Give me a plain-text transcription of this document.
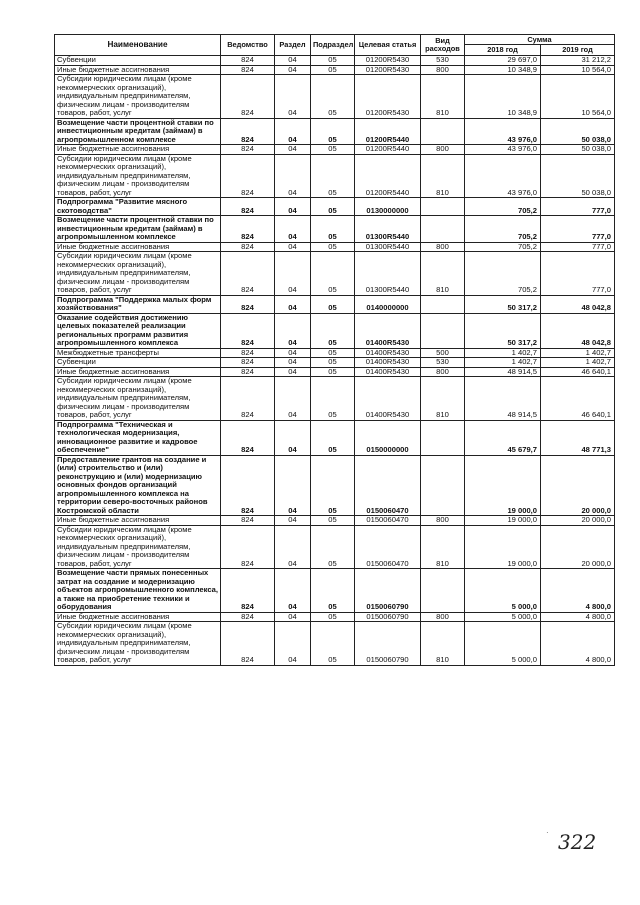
Наименование	Ведомство	Раздел	Подраздел	Целевая статья	Вид расходов	Сумма	
						2018 год	2019 год
Субвенции	824	04	05	01200R5430	530	29 697,0	31 212,2
Иные бюджетные ассигнования	824	04	05	01200R5430	800	10 348,9	10 564,0
Субсидии юридическим лицам (кроме некоммерческих организаций), индивидуальным предпринимателям, физическим лицам - производителям товаров, работ, услуг	824	04	05	01200R5430	810	10 348,9	10 564,0
Возмещение части процентной ставки по инвестиционным кредитам (займам) в агропромышленном комплексе	824	04	05	01200R5440		43 976,0	50 038,0
Иные бюджетные ассигнования	824	04	05	01200R5440	800	43 976,0	50 038,0
Субсидии юридическим лицам (кроме некоммерческих организаций), индивидуальным предпринимателям, физическим лицам - производителям товаров, работ, услуг	824	04	05	01200R5440	810	43 976,0	50 038,0
Подпрограмма "Развитие мясного скотоводства"	824	04	05	0130000000		705,2	777,0
Возмещение части процентной ставки по инвестиционным кредитам (займам) в агропромышленном комплексе	824	04	05	01300R5440		705,2	777,0
Иные бюджетные ассигнования	824	04	05	01300R5440	800	705,2	777,0
Субсидии юридическим лицам (кроме некоммерческих организаций), индивидуальным предпринимателям, физическим лицам - производителям товаров, работ, услуг	824	04	05	01300R5440	810	705,2	777,0
Подпрограмма "Поддержка малых форм хозяйствования"	824	04	05	0140000000		50 317,2	48 042,8
Оказание содействия достижению целевых показателей реализации региональных программ развития агропромышленного комплекса	824	04	05	01400R5430		50 317,2	48 042,8
Межбюджетные трансферты	824	04	05	01400R5430	500	1 402,7	1 402,7
Субвенции	824	04	05	01400R5430	530	1 402,7	1 402,7
Иные бюджетные ассигнования	824	04	05	01400R5430	800	48 914,5	46 640,1
Субсидии юридическим лицам (кроме некоммерческих организаций), индивидуальным предпринимателям, физическим лицам - производителям товаров, работ, услуг	824	04	05	01400R5430	810	48 914,5	46 640,1
Подпрограмма "Техническая и технологическая модернизация, инновационное развитие и кадровое обеспечение"	824	04	05	0150000000		45 679,7	48 771,3
Предоставление грантов на создание и (или) строительство и (или) реконструкцию и (или) модернизацию основных фондов организаций агропромышленного комплекса на территории северо-восточных районов Костромской области	824	04	05	0150060470		19 000,0	20 000,0
Иные бюджетные ассигнования	824	04	05	0150060470	800	19 000,0	20 000,0
Субсидии юридическим лицам (кроме некоммерческих организаций), индивидуальным предпринимателям, физическим лицам - производителям товаров, работ, услуг	824	04	05	0150060470	810	19 000,0	20 000,0
Возмещение части прямых понесенных затрат на создание и модернизацию объектов агропромышленного комплекса, а также на приобретение техники и оборудования	824	04	05	0150060790		5 000,0	4 800,0
Иные бюджетные ассигнования	824	04	05	0150060790	800	5 000,0	4 800,0
Субсидии юридическим лицам (кроме некоммерческих организаций), индивидуальным предпринимателям, физическим лицам - производителям товаров, работ, услуг	824	04	05	0150060790	810	5 000,0	4 800,0
· 322
